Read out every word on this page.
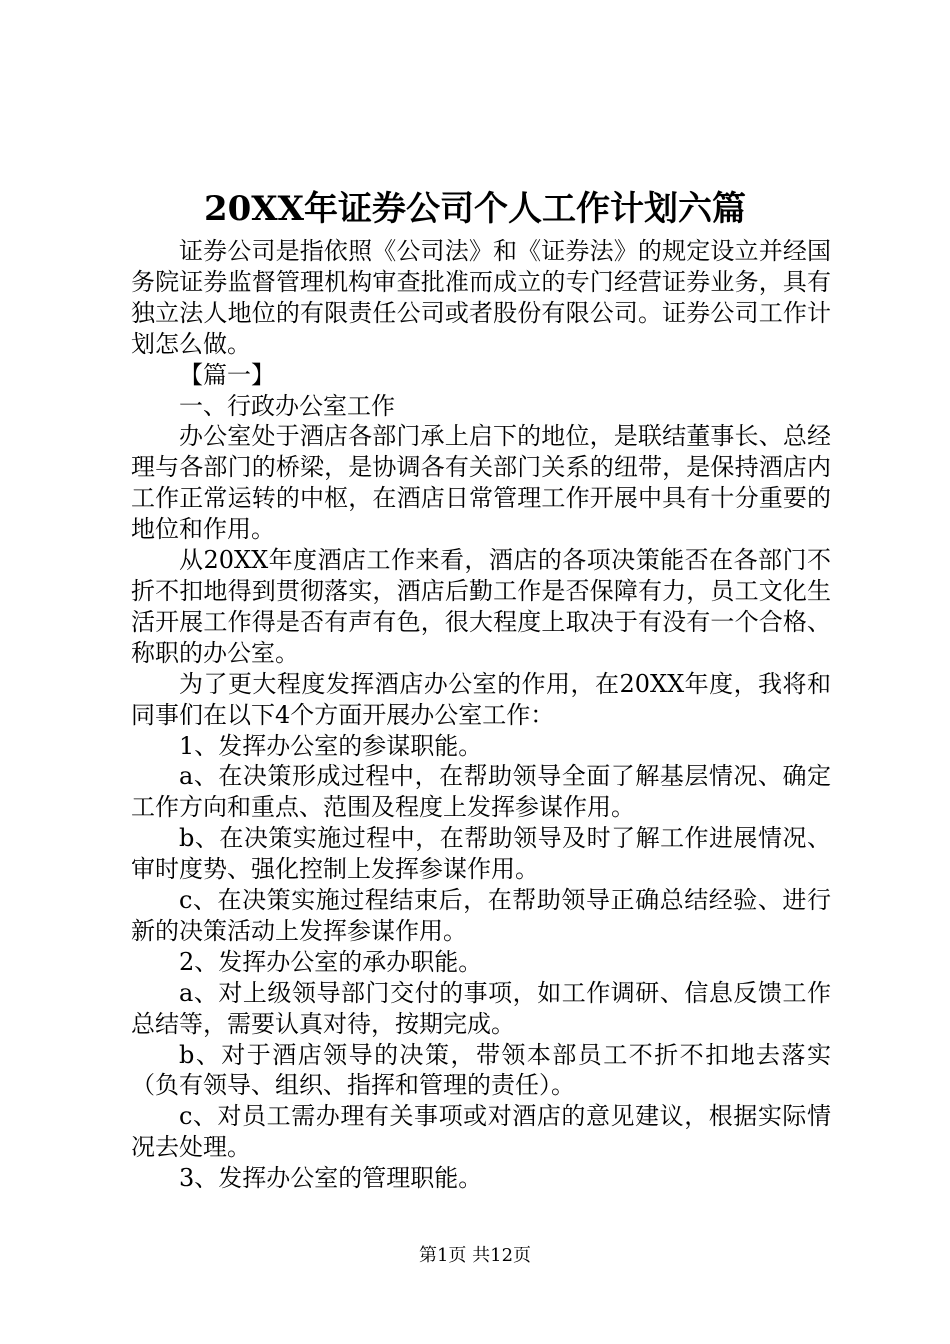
20XX年证券公司个人工作计划六篇

证券公司是指依照《公司法》和《证券法》的规定设立并经国务院证券监督管理机构审查批准而成立的专门经营证券业务，具有独立法人地位的有限责任公司或者股份有限公司。证券公司工作计划怎么做。

【篇一】

一、行政办公室工作

办公室处于酒店各部门承上启下的地位，是联结董事长、总经理与各部门的桥梁，是协调各有关部门关系的纽带，是保持酒店内工作正常运转的中枢，在酒店日常管理工作开展中具有十分重要的地位和作用。

从20XX年度酒店工作来看，酒店的各项决策能否在各部门不折不扣地得到贯彻落实，酒店后勤工作是否保障有力，员工文化生活开展工作得是否有声有色，很大程度上取决于有没有一个合格、称职的办公室。

为了更大程度发挥酒店办公室的作用，在20XX年度，我将和同事们在以下4个方面开展办公室工作：

1、发挥办公室的参谋职能。

a、在决策形成过程中，在帮助领导全面了解基层情况、确定工作方向和重点、范围及程度上发挥参谋作用。

b、在决策实施过程中，在帮助领导及时了解工作进展情况、审时度势、强化控制上发挥参谋作用。

c、在决策实施过程结束后，在帮助领导正确总结经验、进行新的决策活动上发挥参谋作用。

2、发挥办公室的承办职能。

a、对上级领导部门交付的事项，如工作调研、信息反馈工作总结等，需要认真对待，按期完成。

b、对于酒店领导的决策，带领本部员工不折不扣地去落实（负有领导、组织、指挥和管理的责任）。

c、对员工需办理有关事项或对酒店的意见建议，根据实际情况去处理。

3、发挥办公室的管理职能。

第1页 共12页
